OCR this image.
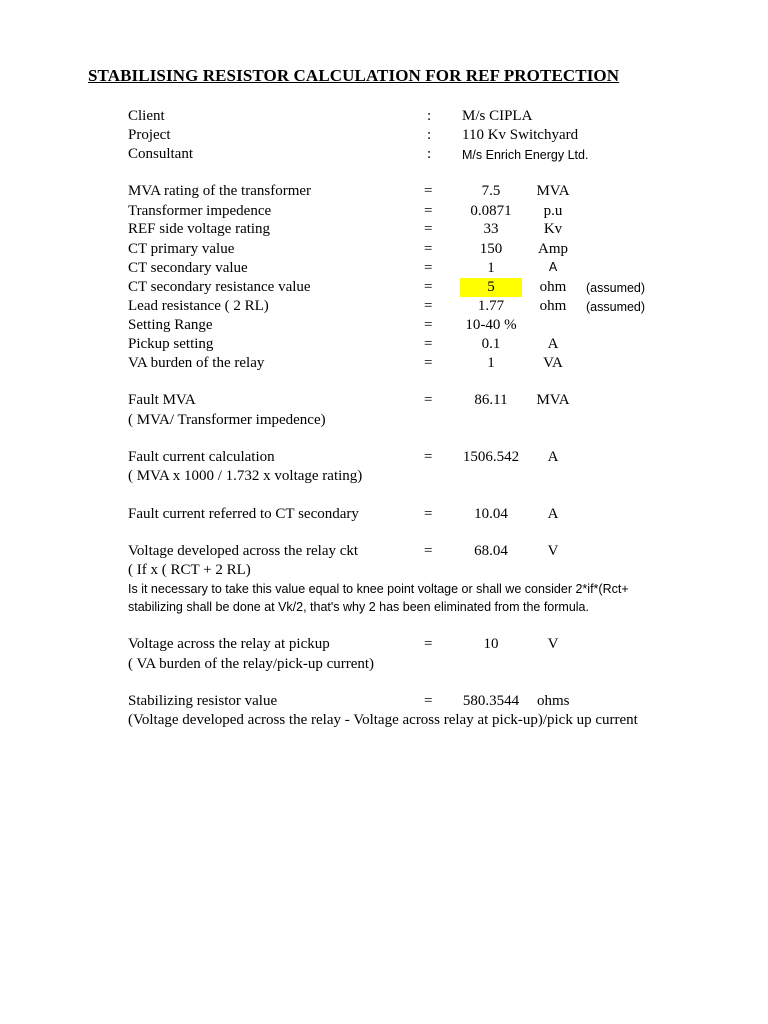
STABILISING RESISTOR CALCULATION FOR REF PROTECTION
Client	: M/s CIPLA
Project	: 110 Kv Switchyard
Consultant	: M/s Enrich Energy Ltd.
MVA rating of the transformer	=	7.5	MVA
Transformer impedence	=	0.0871	p.u
REF side voltage rating	=	33	Kv
CT primary value	=	150	Amp
CT secondary value	=	1	A
CT secondary resistance value	=	5	ohm	(assumed)
Lead resistance ( 2 RL)	=	1.77	ohm	(assumed)
Setting Range	=	10-40 %
Pickup setting	=	0.1	A
VA burden of the relay	=	1	VA
Fault MVA	=	86.11	MVA
( MVA/ Transformer impedence)
Fault current calculation	=	1506.542	A
( MVA x 1000 / 1.732 x voltage rating)
Fault current referred to CT secondary	=	10.04	A
Voltage developed across the relay ckt	=	68.04	V
( If x ( RCT + 2 RL)
Is it necessary to take this value equal to knee point voltage or shall we consider 2*if*(Rct+
stabilizing shall be done at Vk/2, that's why 2 has been eliminated from the formula.
Voltage across the relay at pickup	=	10	V
( VA burden of the relay/pick-up current)
Stabilizing resistor value	=	580.3544	ohms
(Voltage developed across the relay - Voltage across relay at pick-up)/pick up current
